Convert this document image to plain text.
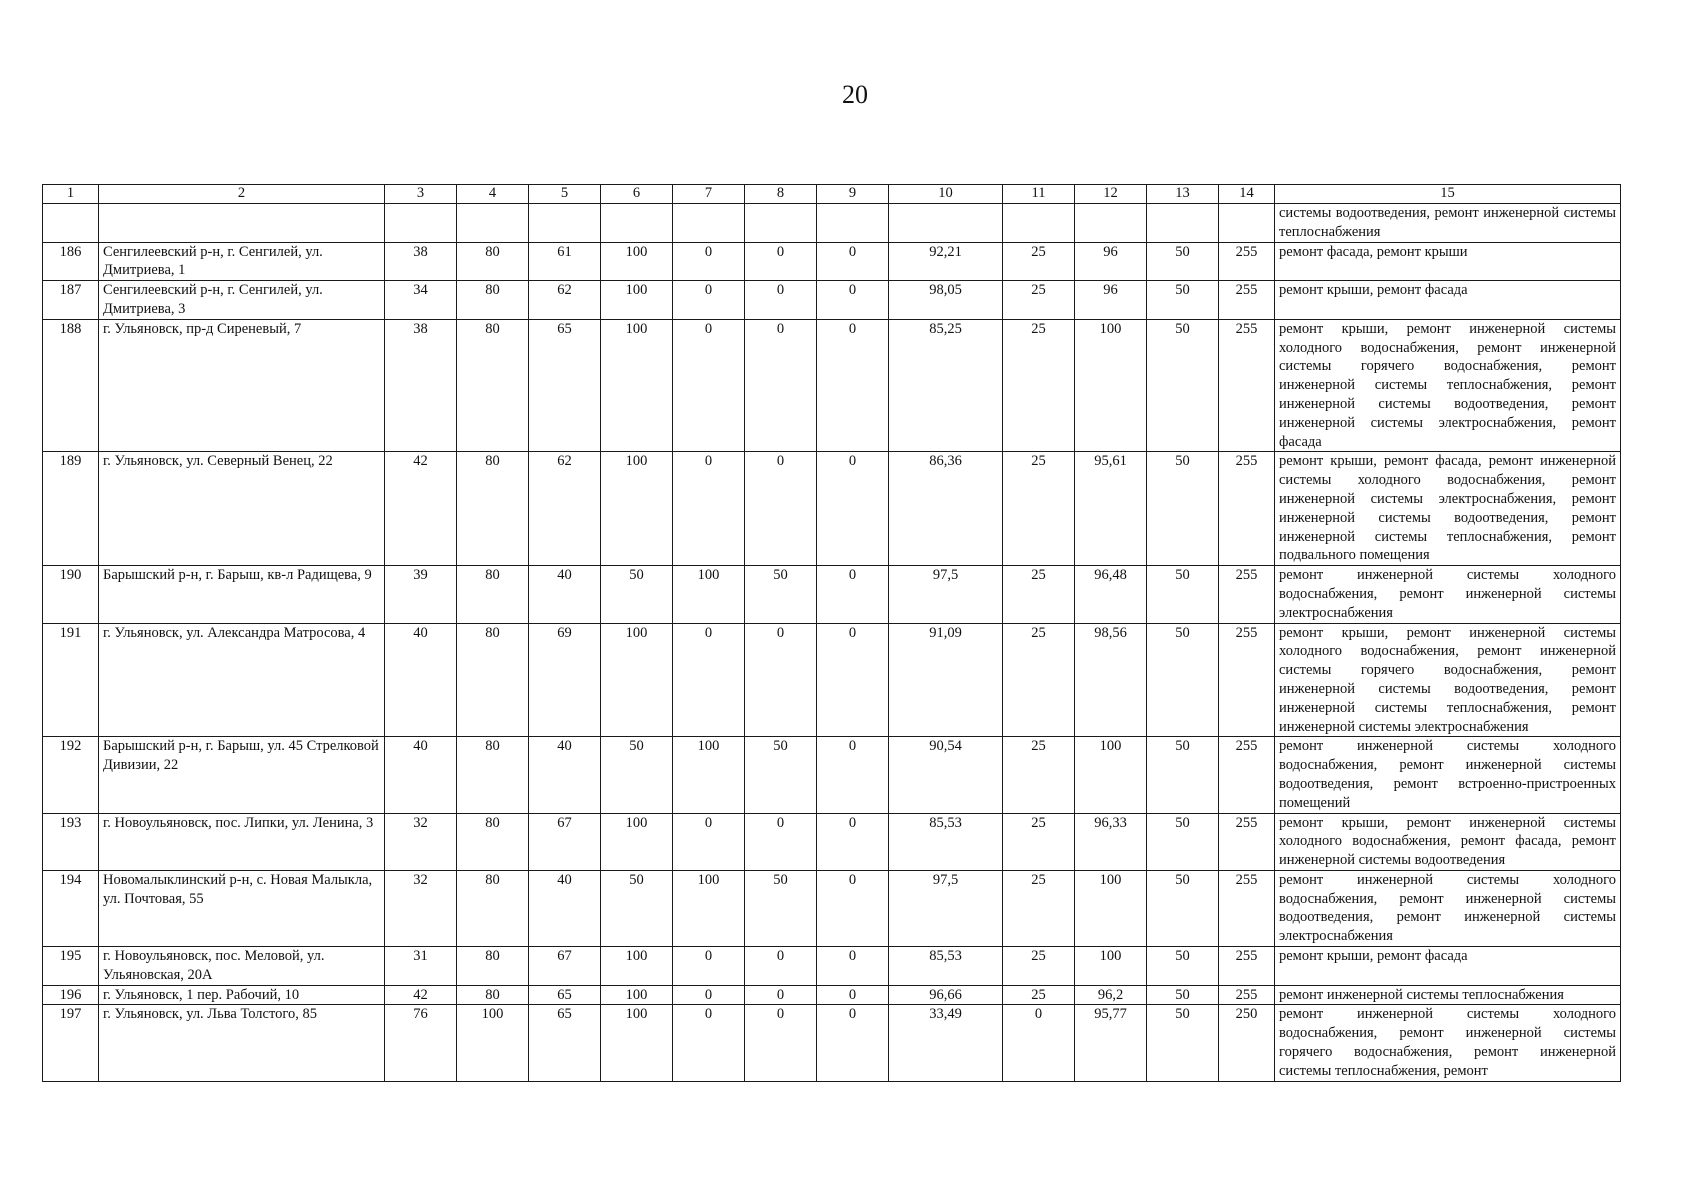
20
1	2	3	4	5	6	7	8	9	10	11	12	13	14	15

														системы водоотведения, ремонт инженерной системы теплоснабжения

186	Сенгилеевский р-н, г. Сенгилей, ул. Дмитриева, 1	38	80	61	100	0	0	0	92,21	25	96	50	255	ремонт фасада, ремонт крыши

187	Сенгилеевский р-н, г. Сенгилей, ул. Дмитриева, 3	34	80	62	100	0	0	0	98,05	25	96	50	255	ремонт крыши, ремонт фасада

188	г. Ульяновск, пр-д Сиреневый, 7	38	80	65	100	0	0	0	85,25	25	100	50	255	ремонт крыши, ремонт инженерной системы холодного водоснабжения, ремонт инженерной системы горячего водоснабжения, ремонт инженерной системы теплоснабжения, ремонт инженерной системы водоотведения, ремонт инженерной системы электроснабжения, ремонт фасада

189	г. Ульяновск, ул. Северный Венец, 22	42	80	62	100	0	0	0	86,36	25	95,61	50	255	ремонт крыши, ремонт фасада, ремонт инженерной системы холодного водоснабжения, ремонт инженерной системы электроснабжения, ремонт инженерной системы водоотведения, ремонт инженерной системы теплоснабжения, ремонт подвального помещения

190	Барышский р-н, г. Барыш, кв-л Радищева, 9	39	80	40	50	100	50	0	97,5	25	96,48	50	255	ремонт инженерной системы холодного водоснабжения, ремонт инженерной системы электроснабжения

191	г. Ульяновск, ул. Александра Матросова, 4	40	80	69	100	0	0	0	91,09	25	98,56	50	255	ремонт крыши, ремонт инженерной системы холодного водоснабжения, ремонт инженерной системы горячего водоснабжения, ремонт инженерной системы водоотведения, ремонт инженерной системы теплоснабжения, ремонт инженерной системы электроснабжения

192	Барышский р-н, г. Барыш, ул. 45 Стрелковой Дивизии, 22	40	80	40	50	100	50	0	90,54	25	100	50	255	ремонт инженерной системы холодного водоснабжения, ремонт инженерной системы водоотведения, ремонт встроенно-пристроенных помещений

193	г. Новоульяновск, пос. Липки, ул. Ленина, 3	32	80	67	100	0	0	0	85,53	25	96,33	50	255	ремонт крыши, ремонт инженерной системы холодного водоснабжения, ремонт фасада, ремонт инженерной системы водоотведения

194	Новомалыклинский р-н, с. Новая Малыкла, ул. Почтовая, 55	32	80	40	50	100	50	0	97,5	25	100	50	255	ремонт инженерной системы холодного водоснабжения, ремонт инженерной системы водоотведения, ремонт инженерной системы электроснабжения

195	г. Новоульяновск, пос. Меловой, ул. Ульяновская, 20А	31	80	67	100	0	0	0	85,53	25	100	50	255	ремонт крыши, ремонт фасада

196	г. Ульяновск, 1 пер. Рабочий, 10	42	80	65	100	0	0	0	96,66	25	96,2	50	255	ремонт инженерной системы теплоснабжения

197	г. Ульяновск, ул. Льва Толстого, 85	76	100	65	100	0	0	0	33,49	0	95,77	50	250	ремонт инженерной системы холодного водоснабжения, ремонт инженерной системы горячего водоснабжения, ремонт инженерной системы теплоснабжения, ремонт
